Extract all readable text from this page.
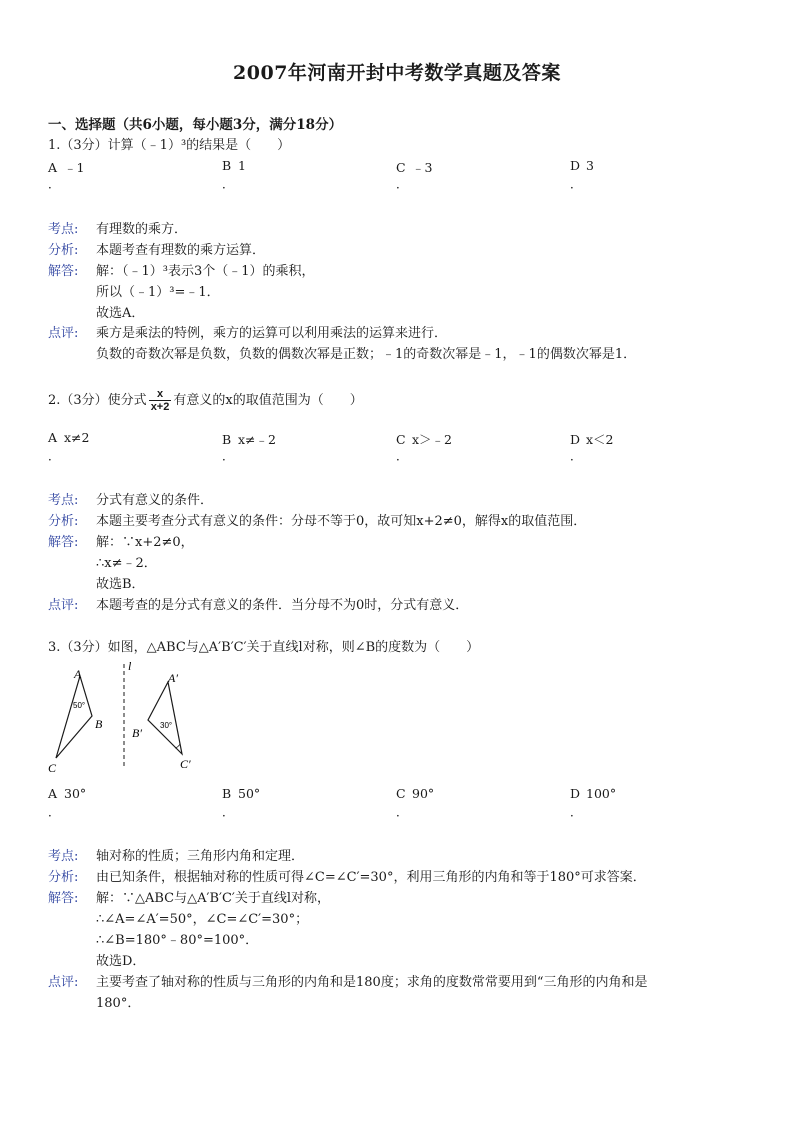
2007年河南开封中考数学真题及答案
一、选择题（共6小题，每小题3分，满分18分）
1.（3分）计算（﹣1）³的结果是（　　）
A ﹣1
．
B 1
．
C ﹣3
．
D 3
．
考点: 有理数的乘方．
分析: 本题考查有理数的乘方运算．
解答: 解：（﹣1）³表示3个（﹣1）的乘积，
所以（﹣1）³=﹣1．
故选A．
点评: 乘方是乘法的特例，乘方的运算可以利用乘法的运算来进行．
负数的奇数次幂是负数，负数的偶数次幂是正数；﹣1的奇数次幂是﹣1，﹣1的偶数次幂是1．
2.（3分）使分式 $\frac{x}{x+2}$ 有意义的x的取值范围为（　　）
A x≠2
．
B x≠﹣2
．
C x＞﹣2
．
D x＜2
．
考点: 分式有意义的条件．
分析: 本题主要考查分式有意义的条件：分母不等于0，故可知x+2≠0，解得x的取值范围．
解答: 解：∵x+2≠0，
∴x≠﹣2．
故选B．
点评: 本题考查的是分式有意义的条件．当分母不为0时，分式有意义．
3.（3分）如图，△ABC与△A′B′C′关于直线l对称，则∠B的度数为（　　）
A
B
C
l
A′
B′
C′
50°
30°
A 30°
．
B 50°
．
C 90°
．
D 100°
．
考点: 轴对称的性质；三角形内角和定理．
分析: 由已知条件，根据轴对称的性质可得∠C=∠C′=30°，利用三角形的内角和等于180°可求答案．
解答: 解：∵△ABC与△A′B′C′关于直线l对称，
∴∠A=∠A′=50°，∠C=∠C′=30°；
∴∠B=180°﹣80°=100°．
故选D．
点评: 主要考查了轴对称的性质与三角形的内角和是180度；求角的度数常常要用到“三角形的内角和是
180°．
